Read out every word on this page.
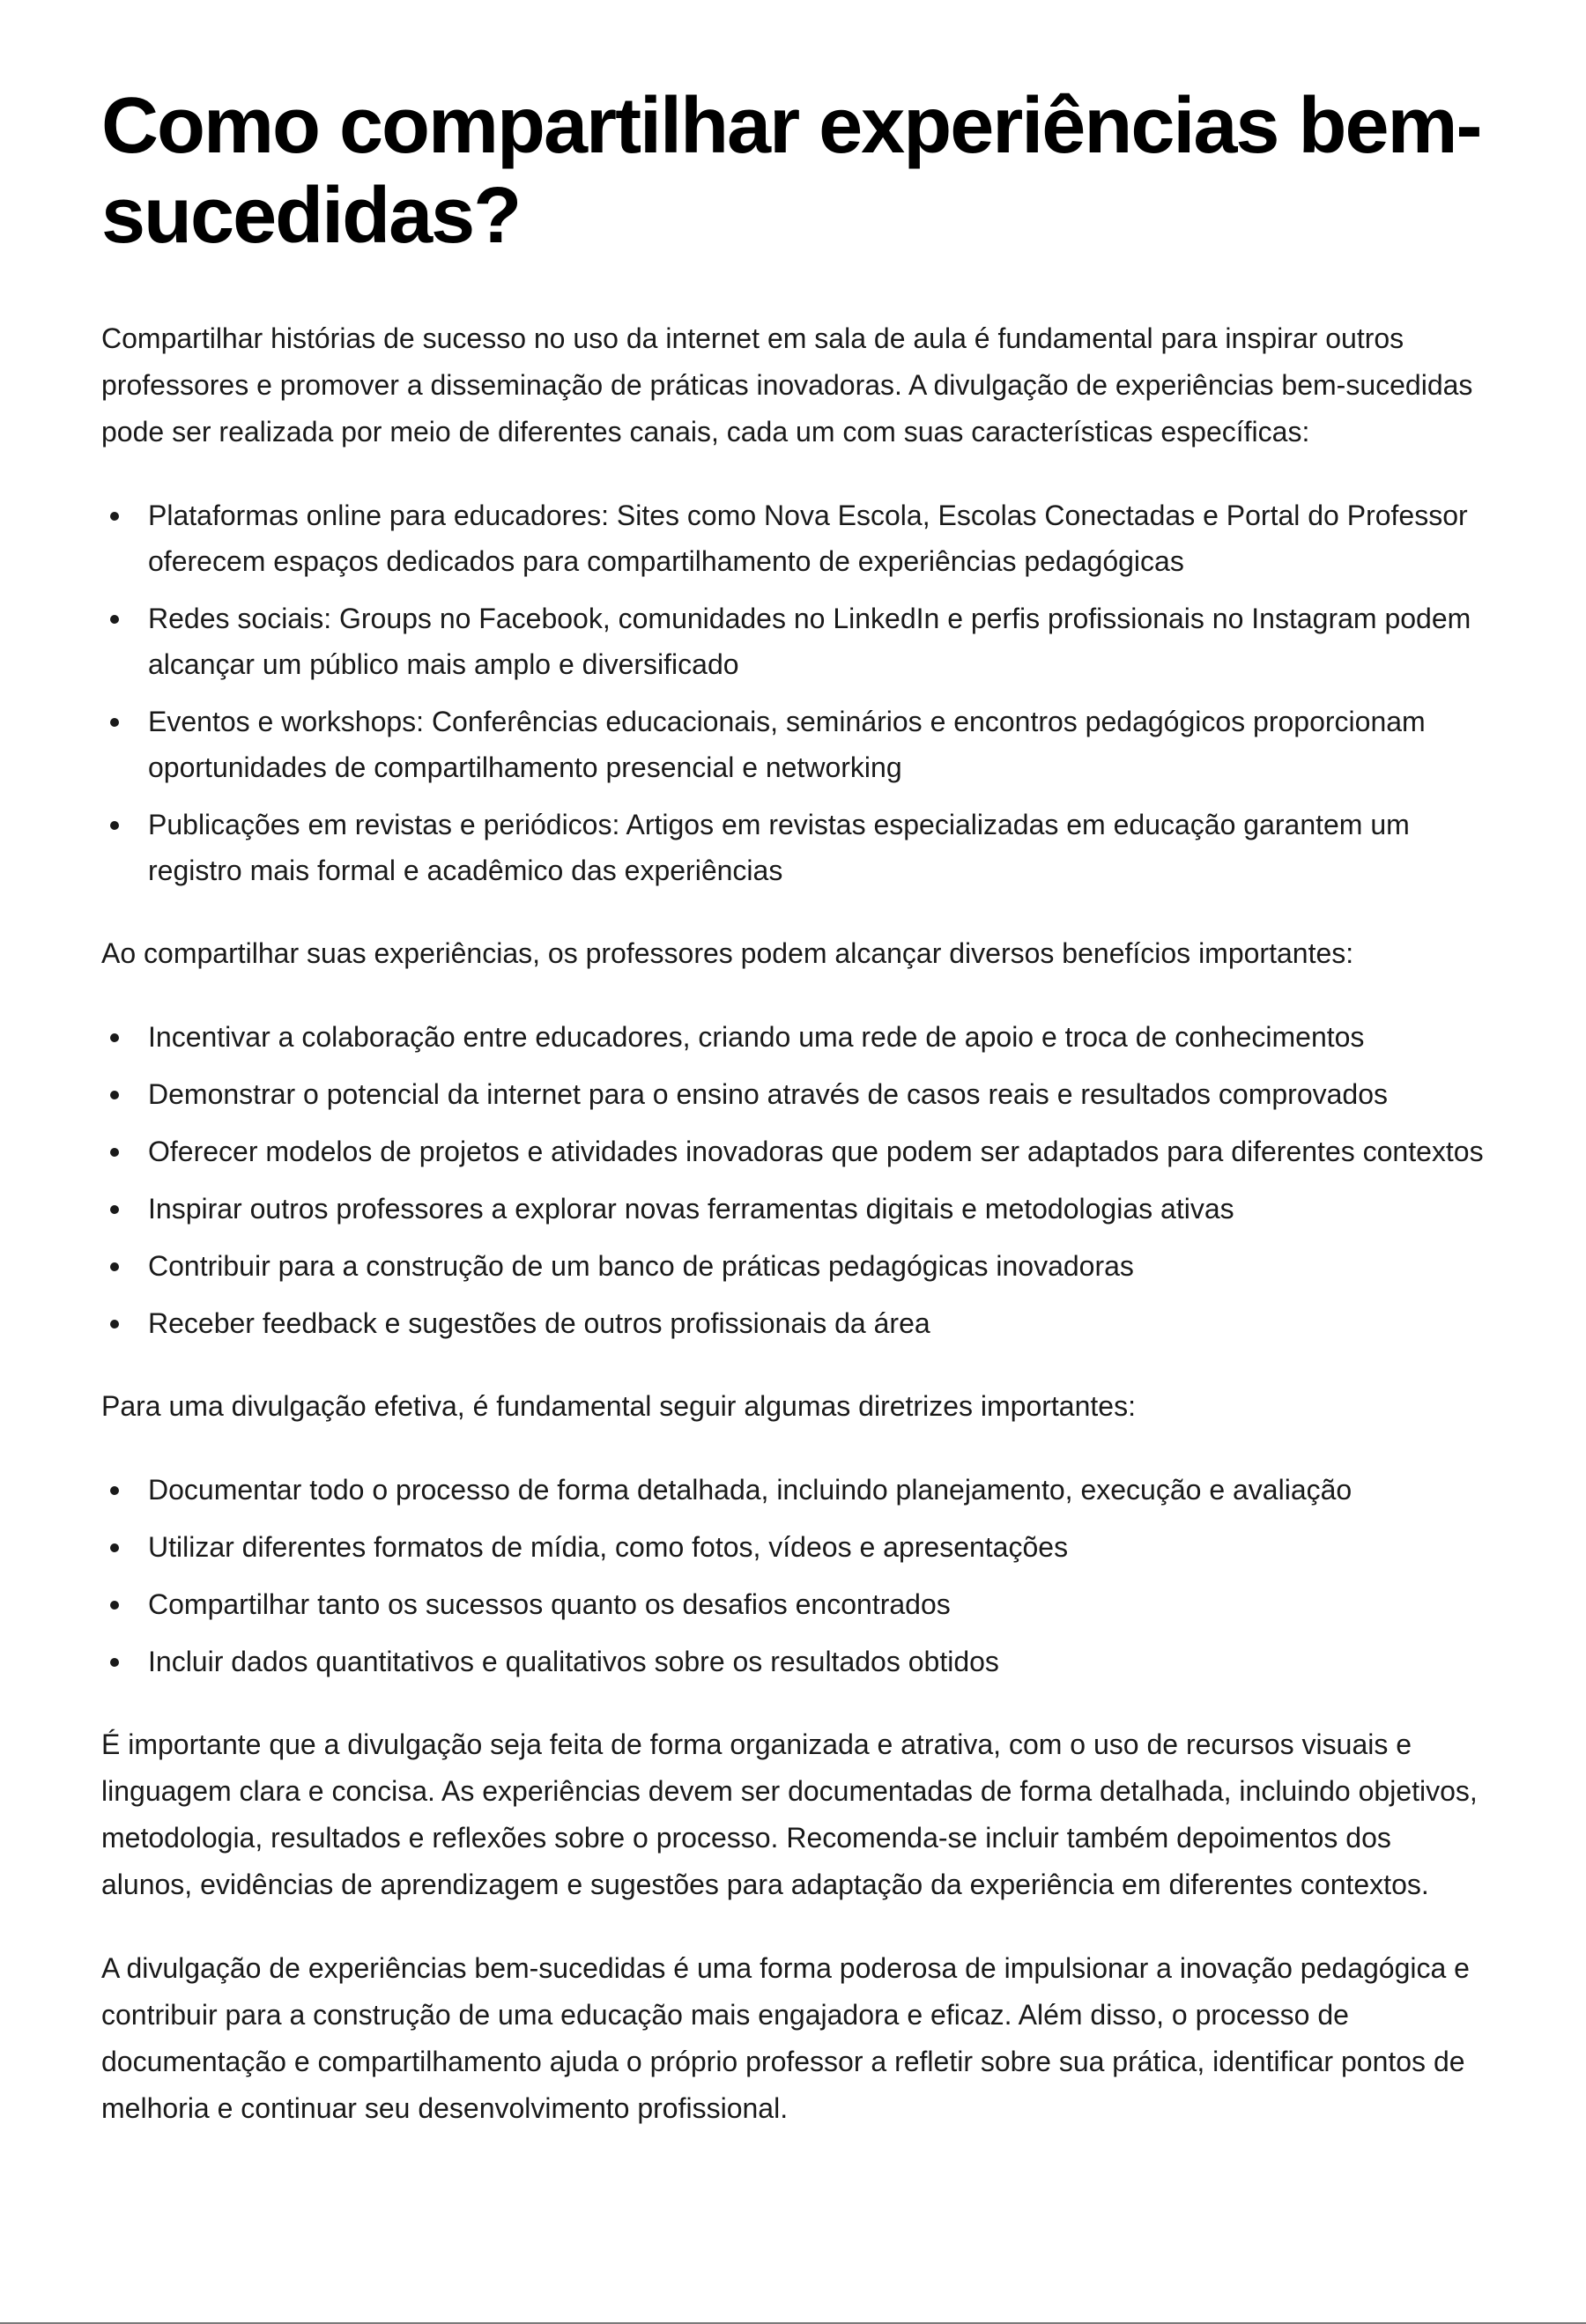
Como compartilhar experiências bem-sucedidas?

Compartilhar histórias de sucesso no uso da internet em sala de aula é fundamental para inspirar outros professores e promover a disseminação de práticas inovadoras. A divulgação de experiências bem-sucedidas pode ser realizada por meio de diferentes canais, cada um com suas características específicas:

Plataformas online para educadores: Sites como Nova Escola, Escolas Conectadas e Portal do Professor oferecem espaços dedicados para compartilhamento de experiências pedagógicas
Redes sociais: Groups no Facebook, comunidades no LinkedIn e perfis profissionais no Instagram podem alcançar um público mais amplo e diversificado
Eventos e workshops: Conferências educacionais, seminários e encontros pedagógicos proporcionam oportunidades de compartilhamento presencial e networking
Publicações em revistas e periódicos: Artigos em revistas especializadas em educação garantem um registro mais formal e acadêmico das experiências

Ao compartilhar suas experiências, os professores podem alcançar diversos benefícios importantes:

Incentivar a colaboração entre educadores, criando uma rede de apoio e troca de conhecimentos
Demonstrar o potencial da internet para o ensino através de casos reais e resultados comprovados
Oferecer modelos de projetos e atividades inovadoras que podem ser adaptados para diferentes contextos
Inspirar outros professores a explorar novas ferramentas digitais e metodologias ativas
Contribuir para a construção de um banco de práticas pedagógicas inovadoras
Receber feedback e sugestões de outros profissionais da área

Para uma divulgação efetiva, é fundamental seguir algumas diretrizes importantes:

Documentar todo o processo de forma detalhada, incluindo planejamento, execução e avaliação
Utilizar diferentes formatos de mídia, como fotos, vídeos e apresentações
Compartilhar tanto os sucessos quanto os desafios encontrados
Incluir dados quantitativos e qualitativos sobre os resultados obtidos

É importante que a divulgação seja feita de forma organizada e atrativa, com o uso de recursos visuais e linguagem clara e concisa. As experiências devem ser documentadas de forma detalhada, incluindo objetivos, metodologia, resultados e reflexões sobre o processo. Recomenda-se incluir também depoimentos dos alunos, evidências de aprendizagem e sugestões para adaptação da experiência em diferentes contextos.

A divulgação de experiências bem-sucedidas é uma forma poderosa de impulsionar a inovação pedagógica e contribuir para a construção de uma educação mais engajadora e eficaz. Além disso, o processo de documentação e compartilhamento ajuda o próprio professor a refletir sobre sua prática, identificar pontos de melhoria e continuar seu desenvolvimento profissional.
